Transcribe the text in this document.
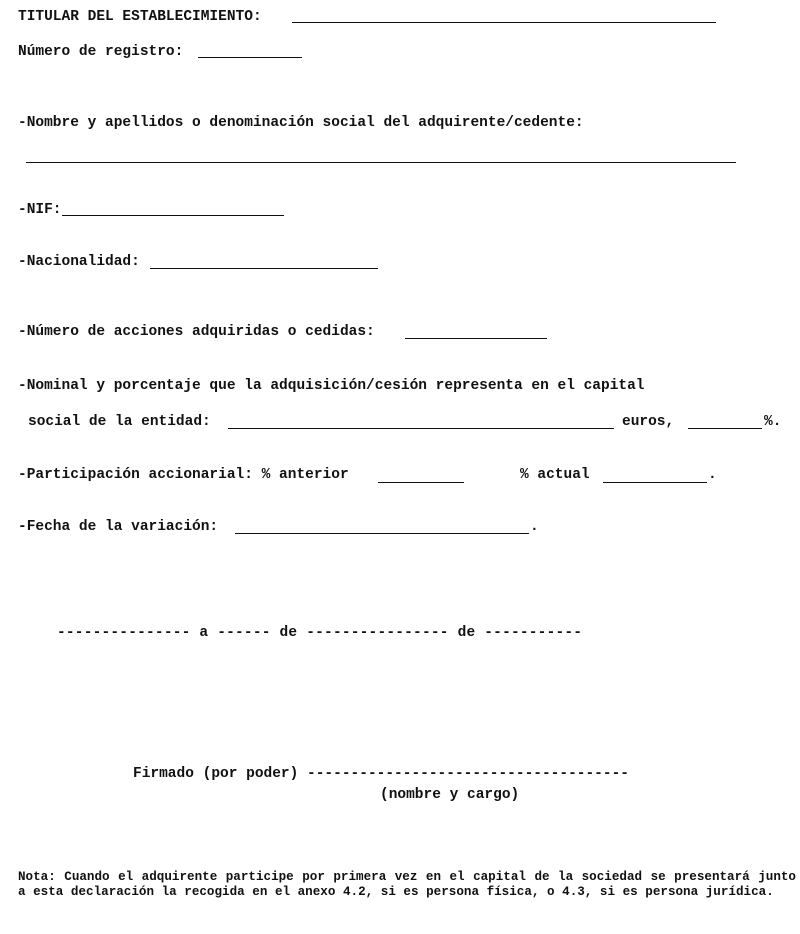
TITULAR DEL ESTABLECIMIENTO:
Número de registro:
-Nombre y apellidos o denominación social del adquirente/cedente:
-NIF:
-Nacionalidad:
-Número de acciones adquiridas o cedidas:
-Nominal y porcentaje que la adquisición/cesión representa en el capital
social de la entidad:	euros,	%.
-Participación accionarial: % anterior	% actual	.
-Fecha de la variación:	.
--------------- a ------ de ---------------- de -----------
Firmado (por poder) -------------------------------------
(nombre y cargo)
Nota: Cuando el adquirente participe por primera vez en el capital de la sociedad se presentará junto a esta declaración la recogida en el anexo 4.2, si es persona física, o 4.3, si es persona jurídica.
